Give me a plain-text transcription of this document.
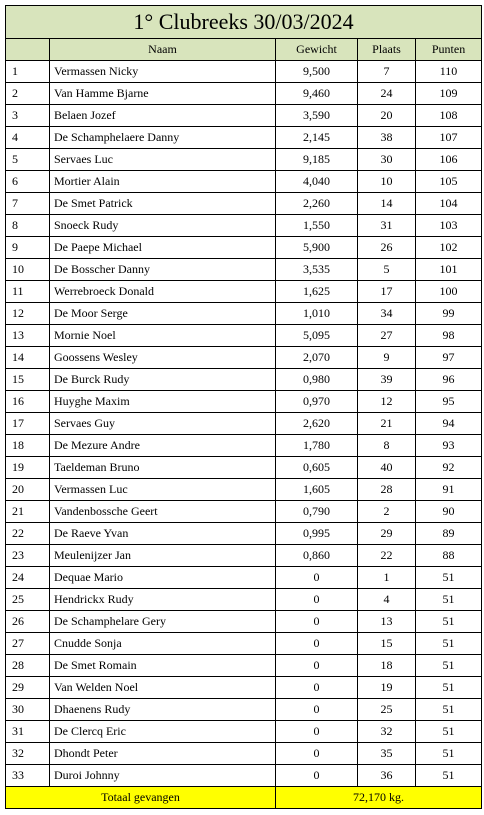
1° Clubreeks 30/03/2024				
	Naam	Gewicht	Plaats	Punten
1	Vermassen Nicky	9,500	7	110
2	Van Hamme Bjarne	9,460	24	109
3	Belaen Jozef	3,590	20	108
4	De Schamphelaere Danny	2,145	38	107
5	Servaes Luc	9,185	30	106
6	Mortier Alain	4,040	10	105
7	De Smet Patrick	2,260	14	104
8	Snoeck Rudy	1,550	31	103
9	De Paepe Michael	5,900	26	102
10	De Bosscher Danny	3,535	5	101
11	Werrebroeck Donald	1,625	17	100
12	De Moor Serge	1,010	34	99
13	Mornie Noel	5,095	27	98
14	Goossens Wesley	2,070	9	97
15	De Burck Rudy	0,980	39	96
16	Huyghe Maxim	0,970	12	95
17	Servaes Guy	2,620	21	94
18	De Mezure Andre	1,780	8	93
19	Taeldeman Bruno	0,605	40	92
20	Vermassen Luc	1,605	28	91
21	Vandenbossche Geert	0,790	2	90
22	De Raeve Yvan	0,995	29	89
23	Meulenijzer Jan	0,860	22	88
24	Dequae Mario	0	1	51
25	Hendrickx Rudy	0	4	51
26	De Schamphelare Gery	0	13	51
27	Cnudde Sonja	0	15	51
28	De Smet Romain	0	18	51
29	Van Welden Noel	0	19	51
30	Dhaenens Rudy	0	25	51
31	De Clercq Eric	0	32	51
32	Dhondt Peter	0	35	51
33	Duroi Johnny	0	36	51
Totaal gevangen		72,170 kg.		
